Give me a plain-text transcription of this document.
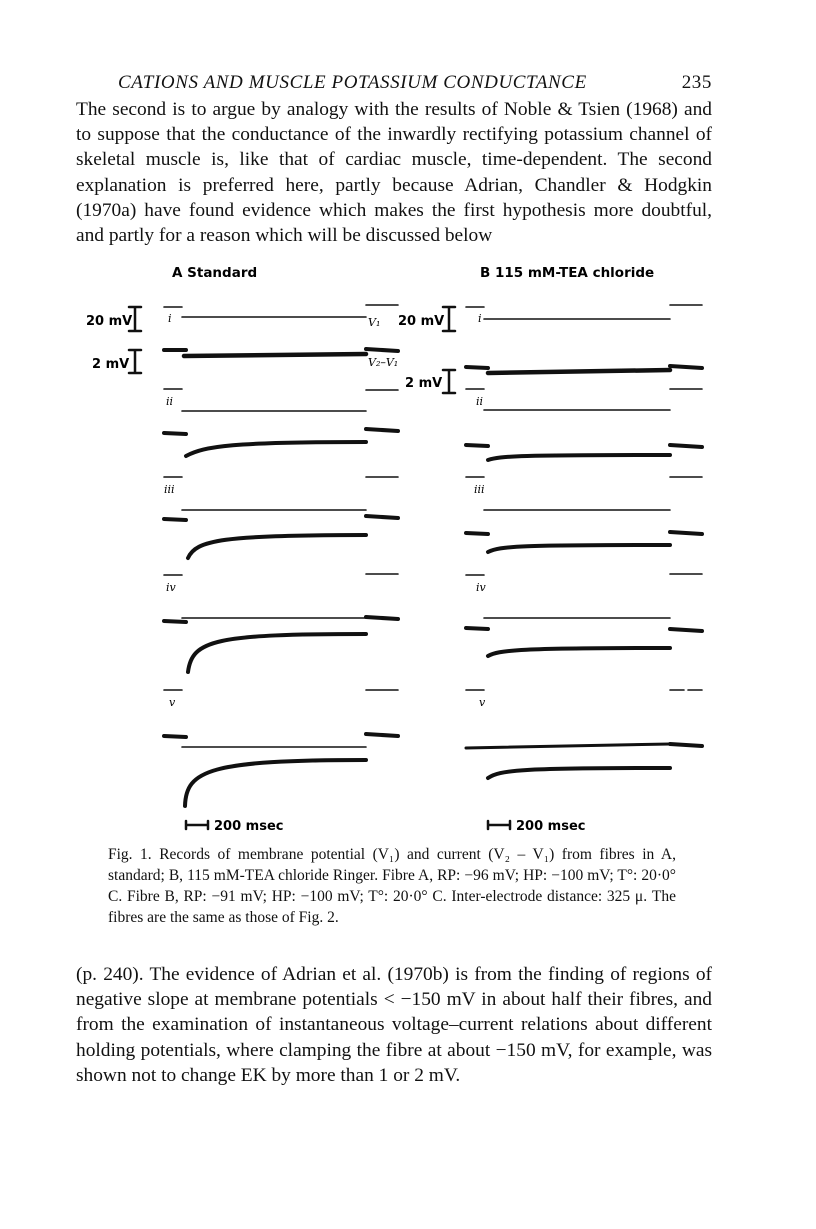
CATIONS AND MUSCLE POTASSIUM CONDUCTANCE	235

The second is to argue by analogy with the results of Noble & Tsien (1968) and to suppose that the conductance of the inwardly rectifying potassium channel of skeletal muscle is, like that of cardiac muscle, time-dependent. The second explanation is preferred here, partly because Adrian, Chandler & Hodgkin (1970a) have found evidence which makes the first hypothesis more doubtful, and partly for a reason which will be discussed below

A Standard	B 115 mM-TEA chloride
20 mV
2 mV
20 mV
2 mV
V₁
V₂–V₁
i
ii
iii
iv
v
i
ii
iii
iv
v
200 msec	200 msec
Fig. 1. Records of membrane potential (V₁) and current (V₂ – V₁) from fibres in A, standard; B, 115 mM-TEA chloride Ringer. Fibre A, RP: −96 mV; HP: −100 mV; T°: 20·0° C. Fibre B, RP: −91 mV; HP: −100 mV; T°: 20·0° C. Inter-electrode distance: 325 μ. The fibres are the same as those of Fig. 2.

(p. 240). The evidence of Adrian et al. (1970b) is from the finding of regions of negative slope at membrane potentials < −150 mV in about half their fibres, and from the examination of instantaneous voltage–current relations about different holding potentials, where clamping the fibre at about −150 mV, for example, was shown not to change EK by more than 1 or 2 mV.
